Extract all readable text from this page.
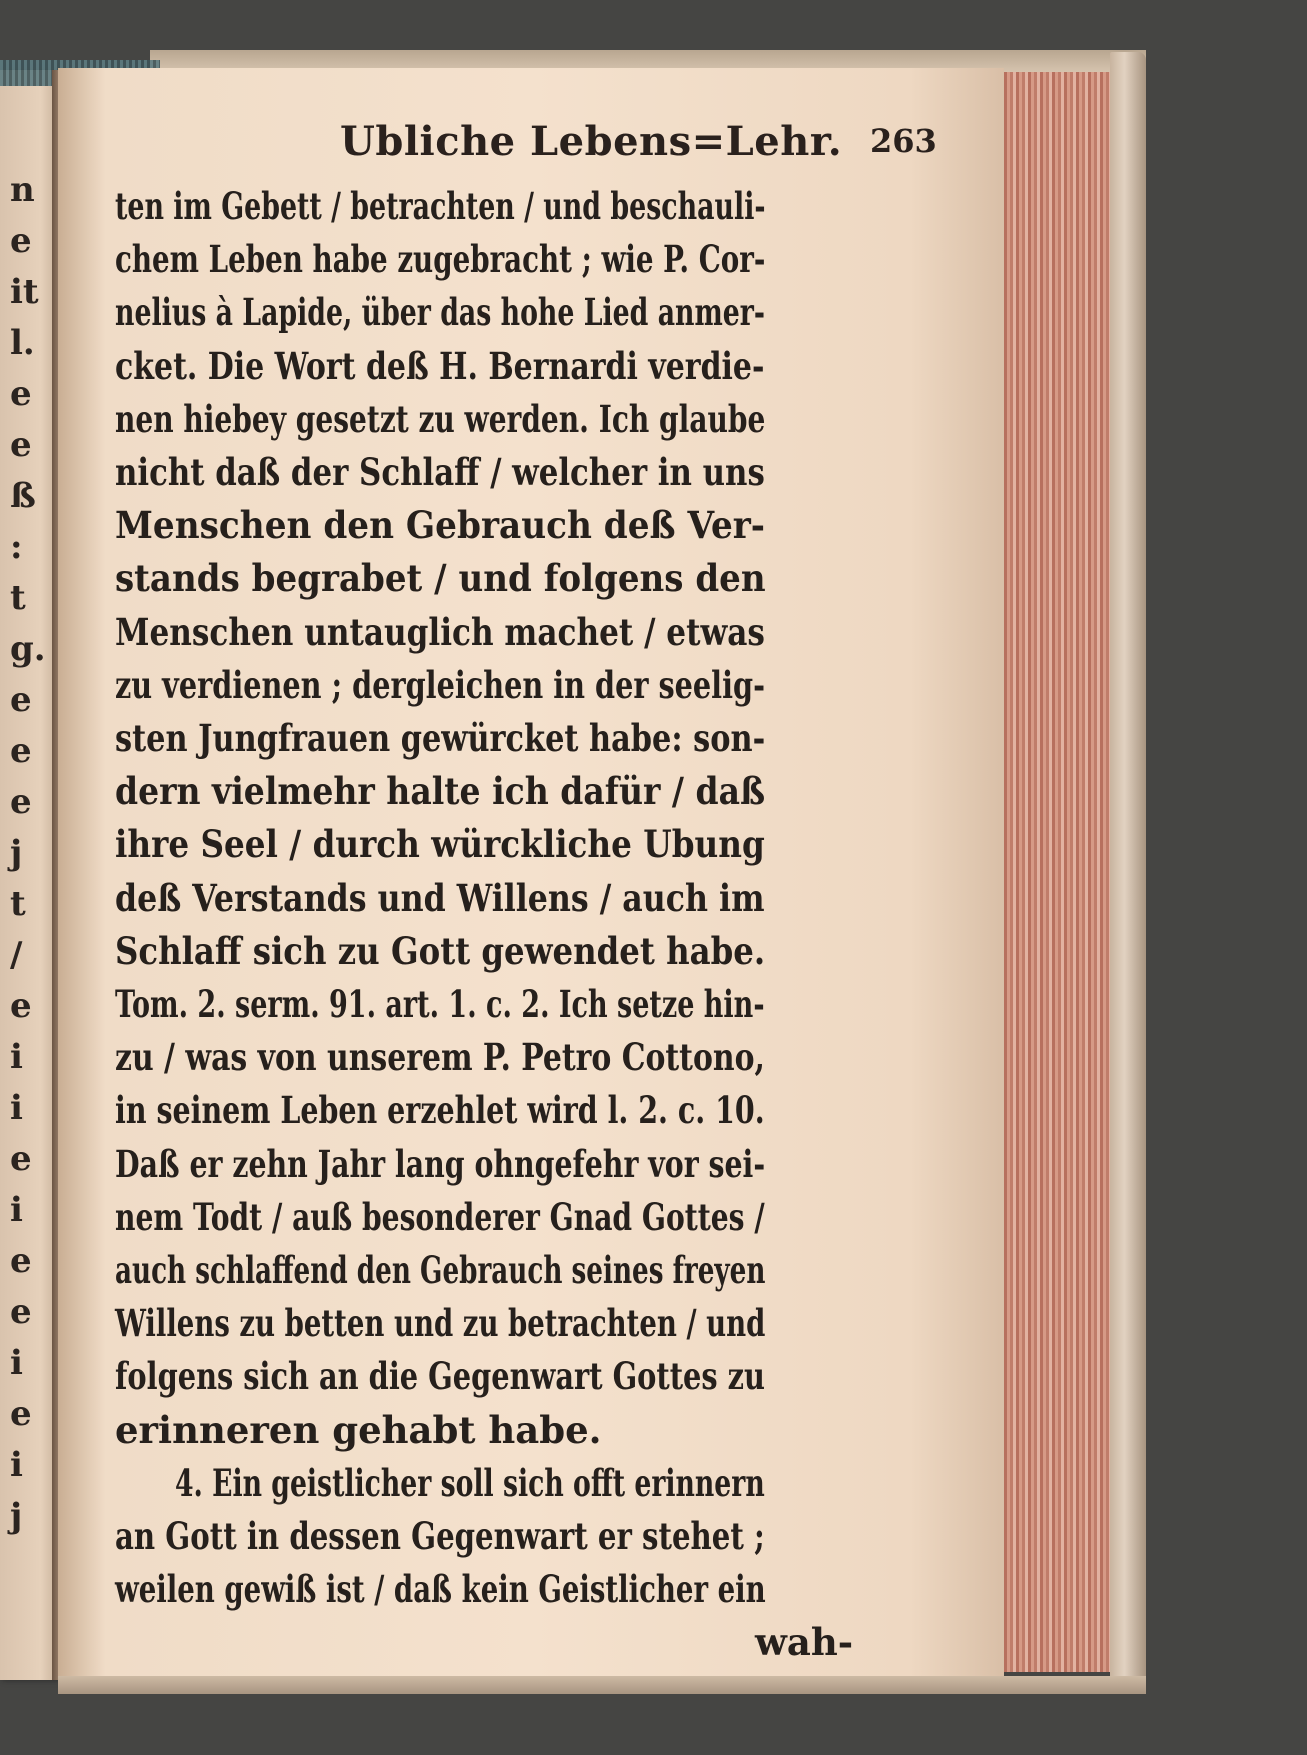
n
e
it
l.
e
e
ß
:
t
g.
e
e
e
j
t
/
e
i
i
e
i
e
e
i
e
i
j
Ubliche Lebens=Lehr. 263
ten im Gebett / betrachten / und beschauli-
chem Leben habe zugebracht ; wie P. Cor-
nelius à Lapide, über das hohe Lied anmer-
cket. Die Wort deß H. Bernardi verdie-
nen hiebey gesetzt zu werden. Ich glaube
nicht daß der Schlaff / welcher in uns
Menschen den Gebrauch deß Ver-
stands begrabet / und folgens den
Menschen untauglich machet / etwas
zu verdienen ; dergleichen in der seelig-
sten Jungfrauen gewürcket habe: son-
dern vielmehr halte ich dafür / daß
ihre Seel / durch würckliche Ubung
deß Verstands und Willens / auch im
Schlaff sich zu Gott gewendet habe.
Tom. 2. serm. 91. art. 1. c. 2. Ich setze hin-
zu / was von unserem P. Petro Cottono,
in seinem Leben erzehlet wird l. 2. c. 10.
Daß er zehn Jahr lang ohngefehr vor sei-
nem Todt / auß besonderer Gnad Gottes /
auch schlaffend den Gebrauch seines freyen
Willens zu betten und zu betrachten / und
folgens sich an die Gegenwart Gottes zu
erinneren gehabt habe.
4. Ein geistlicher soll sich offt erinnern
an Gott in dessen Gegenwart er stehet ;
weilen gewiß ist / daß kein Geistlicher ein
wah-
